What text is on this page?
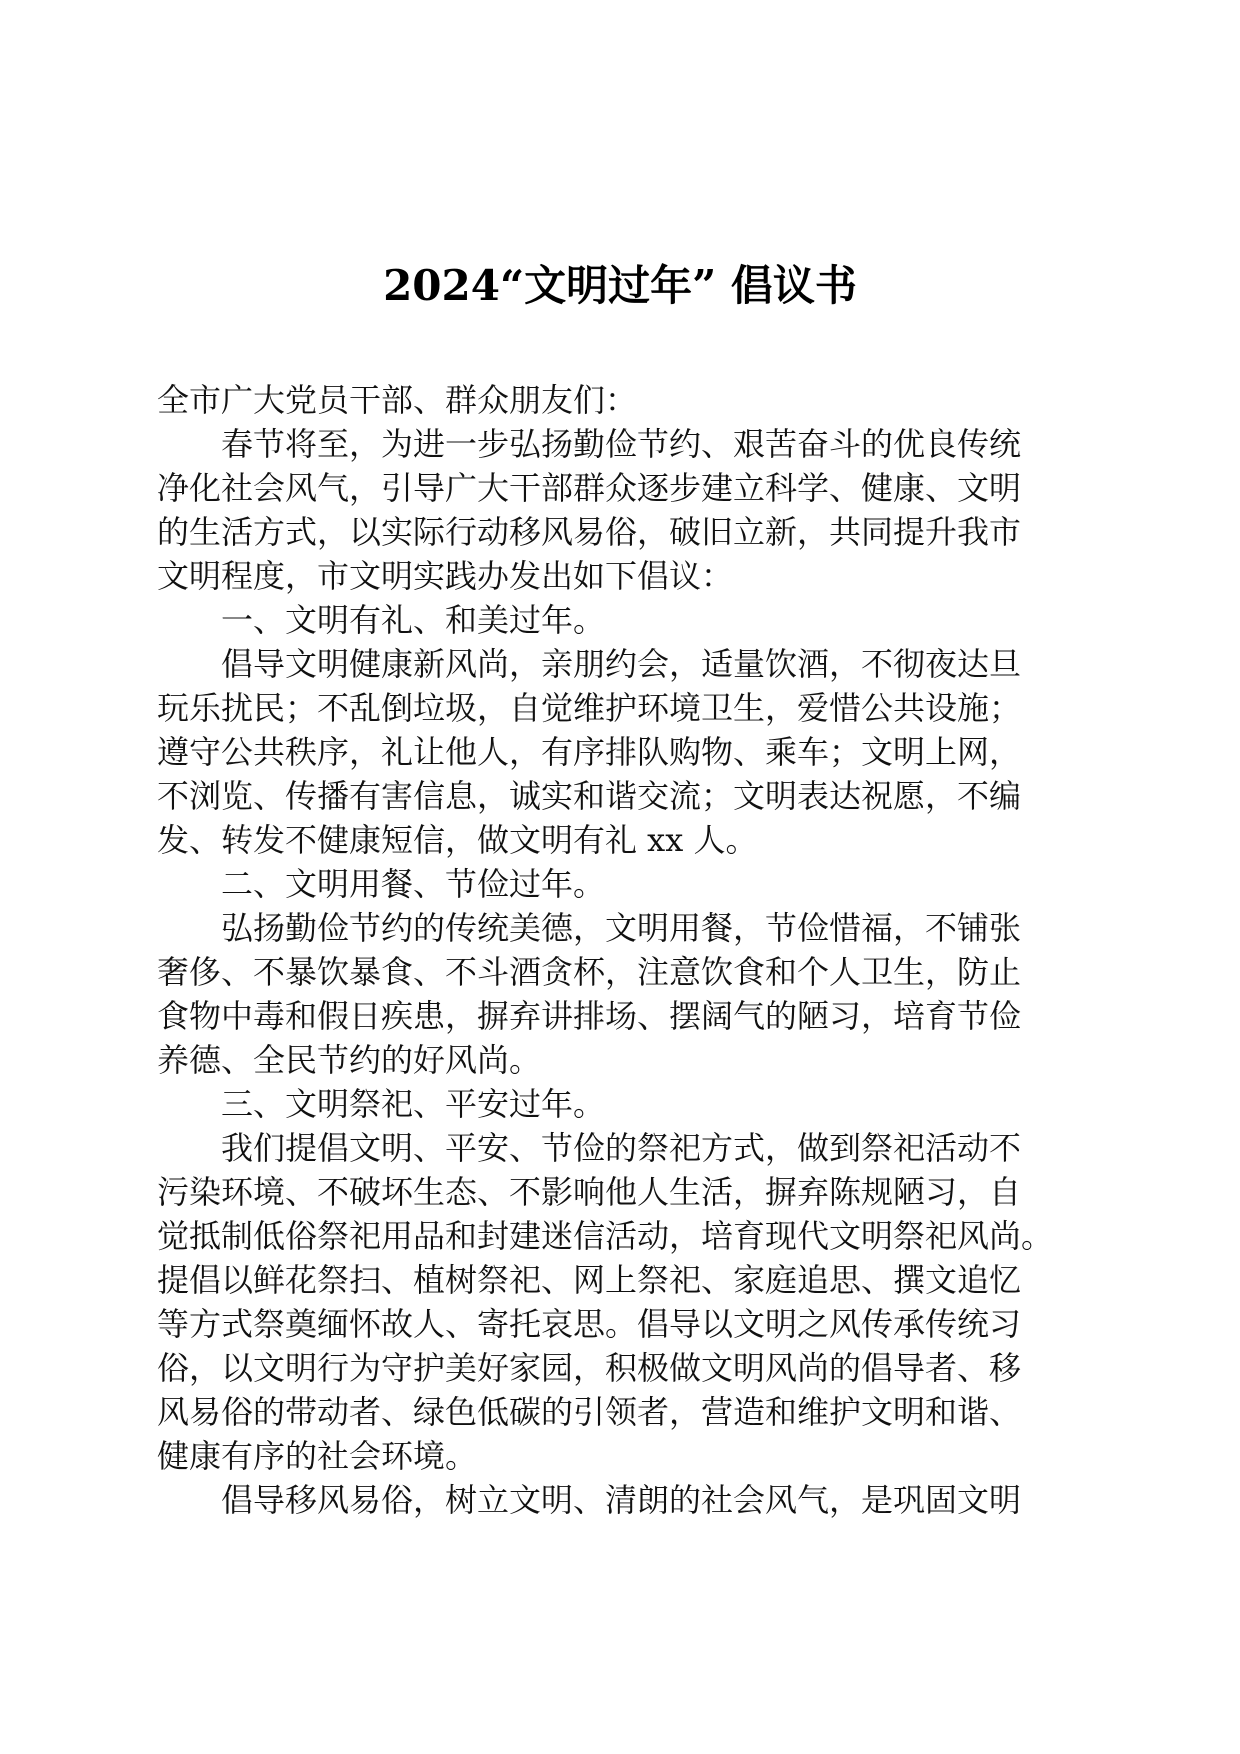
2024“文明过年” 倡议书
全市广大党员干部、群众朋友们：
春节将至，为进一步弘扬勤俭节约、艰苦奋斗的优良传统
净化社会风气，引导广大干部群众逐步建立科学、健康、文明
的生活方式，以实际行动移风易俗，破旧立新，共同提升我市
文明程度，市文明实践办发出如下倡议：
一、文明有礼、和美过年。
倡导文明健康新风尚，亲朋约会，适量饮酒，不彻夜达旦
玩乐扰民；不乱倒垃圾，自觉维护环境卫生，爱惜公共设施；
遵守公共秩序，礼让他人，有序排队购物、乘车；文明上网，
不浏览、传播有害信息，诚实和谐交流；文明表达祝愿，不编
发、转发不健康短信，做文明有礼 xx 人。
二、文明用餐、节俭过年。
弘扬勤俭节约的传统美德，文明用餐，节俭惜福，不铺张
奢侈、不暴饮暴食、不斗酒贪杯，注意饮食和个人卫生，防止
食物中毒和假日疾患，摒弃讲排场、摆阔气的陋习，培育节俭
养德、全民节约的好风尚。
三、文明祭祀、平安过年。
我们提倡文明、平安、节俭的祭祀方式，做到祭祀活动不
污染环境、不破坏生态、不影响他人生活，摒弃陈规陋习，自
觉抵制低俗祭祀用品和封建迷信活动，培育现代文明祭祀风尚。
提倡以鲜花祭扫、植树祭祀、网上祭祀、家庭追思、撰文追忆
等方式祭奠缅怀故人、寄托哀思。倡导以文明之风传承传统习
俗，以文明行为守护美好家园，积极做文明风尚的倡导者、移
风易俗的带动者、绿色低碳的引领者，营造和维护文明和谐、
健康有序的社会环境。
倡导移风易俗，树立文明、清朗的社会风气，是巩固文明
